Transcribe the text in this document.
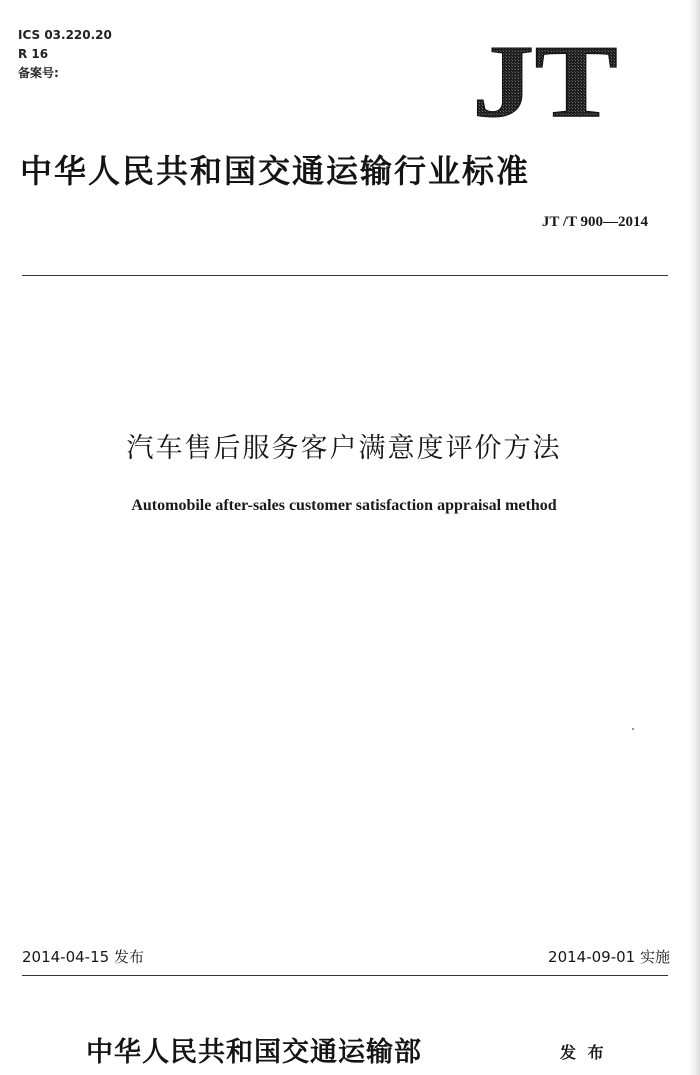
ICS 03.220.20
R 16
备案号:	JT
中华人民共和国交通运输行业标准
JT /T 900—2014
汽车售后服务客户满意度评价方法
Automobile after-sales customer satisfaction appraisal method
2014-04-15 发布	2014-09-01 实施
中华人民共和国交通运输部	发 布
